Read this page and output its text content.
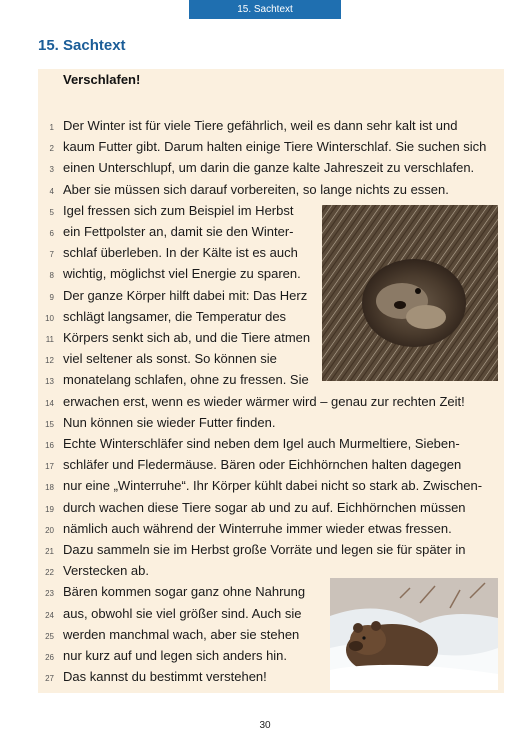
15. Sachtext
15. Sachtext
Verschlafen!
1 Der Winter ist für viele Tiere gefährlich, weil es dann sehr kalt ist und
2 kaum Futter gibt. Darum halten einige Tiere Winterschlaf. Sie suchen sich
3 einen Unterschlupf, um darin die ganze kalte Jahreszeit zu verschlafen.
4 Aber sie müssen sich darauf vorbereiten, so lange nichts zu essen.
5 Igel fressen sich zum Beispiel im Herbst
6 ein Fettpolster an, damit sie den Winter-
7 schlaf überleben. In der Kälte ist es auch
8 wichtig, möglichst viel Energie zu sparen.
9 Der ganze Körper hilft dabei mit: Das Herz
10 schlägt langsamer, die Temperatur des
11 Körpers senkt sich ab, und die Tiere atmen
12 viel seltener als sonst. So können sie
13 monatelang schlafen, ohne zu fressen. Sie
14 erwachen erst, wenn es wieder wärmer wird – genau zur rechten Zeit!
15 Nun können sie wieder Futter finden.
16 Echte Winterschläfer sind neben dem Igel auch Murmeltiere, Sieben-
17 schläfer und Fledermäuse. Bären oder Eichhörnchen halten dagegen
18 nur eine „Winterruhe“. Ihr Körper kühlt dabei nicht so stark ab. Zwischen-
19 durch wachen diese Tiere sogar ab und zu auf. Eichhörnchen müssen
20 nämlich auch während der Winterruhe immer wieder etwas fressen.
21 Dazu sammeln sie im Herbst große Vorräte und legen sie für später in
22 Verstecken ab.
23 Bären kommen sogar ganz ohne Nahrung
24 aus, obwohl sie viel größer sind. Auch sie
25 werden manchmal wach, aber sie stehen
26 nur kurz auf und legen sich anders hin.
27 Das kannst du bestimmt verstehen!
30
